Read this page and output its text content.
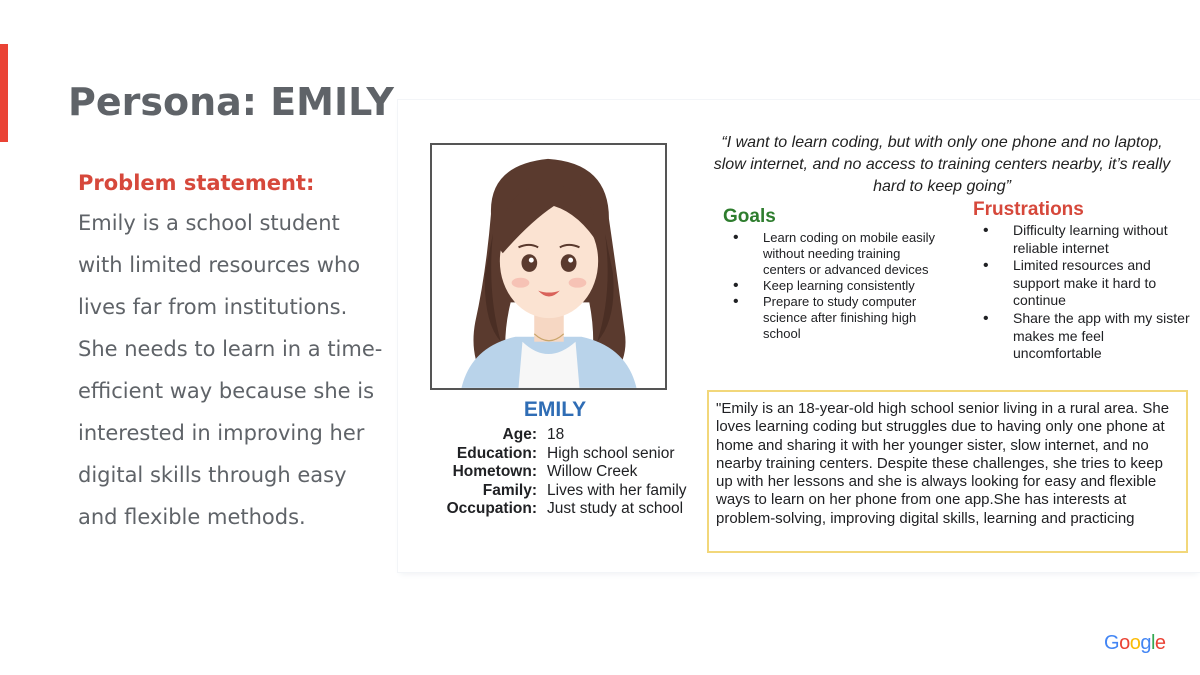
Persona: EMILY
Problem statement:
Emily is a school student with limited resources who lives far from institutions. She needs to learn in a time-efficient way because she is interested in improving her digital skills through easy and flexible methods.
EMILY
Age: 18
Education: High school senior
Hometown: Willow Creek
Family: Lives with her family
Occupation: Just study at school

“I want to learn coding, but with only one phone and no laptop, slow internet, and no access to training centers nearby, it’s really hard to keep going”

Goals
• Learn coding on mobile easily without needing training centers or advanced devices
• Keep learning consistently
• Prepare to study computer science after finishing high school
Frustrations
• Difficulty learning without reliable internet
• Limited resources and support make it hard to continue
• Share the app with my sister makes me feel uncomfortable
"Emily is an 18-year-old high school senior living in a rural area. She loves learning coding but struggles due to having only one phone at home and sharing it with her younger sister, slow internet, and no nearby training centers. Despite these challenges, she tries to keep up with her lessons and she is always looking for easy and flexible ways to learn on her phone from one app.She has interests at problem-solving, improving digital skills, learning and practicing
Google
